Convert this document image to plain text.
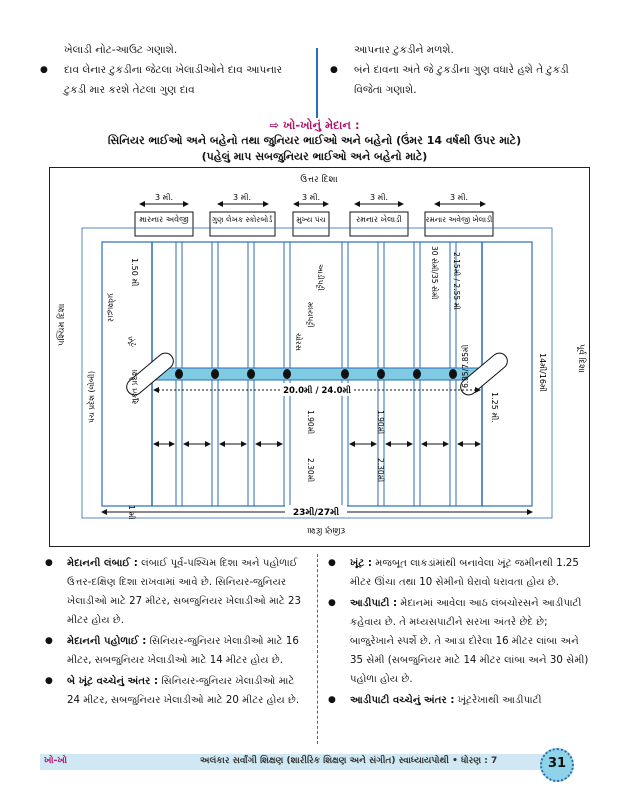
ખેલાડી નોટ-આઉટ ગણાશે.
● દાવ લેનાર ટુકડીના જેટલા ખેલાડીઓને દાવ આપનાર ટુકડી માર કરશે તેટલા ગુણ દાવ
આપનાર ટુકડીને મળશે.
● બંને દાવના અંતે જે ટુકડીના ગુણ વધારે હશે તે ટુકડી વિજેતા ગણાશે.
⇨ ખો-ખોનું મેદાન :
સિનિયર ભાઈઓ અને બહેનો તથા જુનિયર ભાઈઓ અને બહેનો (ઉંમર 14 વર્ષથી ઉપર માટે)
(પહેલું માપ સબજુનિયર ભાઈઓ અને બહેનો માટે)
ઉત્તર દિશા
મારનાર અવેજી	ગુણ લેખક સ્કોરબોર્ડ	મુખ્ય પંચ	રમનાર ખેલાડી	રમનાર અવેજી ખેલાડી
3 મી.	3 મી.	3 મી.	3 મી.	3 મી.
1.50 મી
પ્રવેશદ્વાર
ખૂંટ
1.25 મી.
ચોરસ
મધ્યપટ્ટી
આડીપટ્ટી	30 સેમી/35 સેમી 2.15મી / 2.55 મી
6.85/7.85મી
1.90મી
2.30મી
1.90મી
2.30મી
14મી/16મી	પૂર્વ દિશા
પશ્ચિમ દિશા
મુક્ત પ્રદેશ
પંચ પ્રદેશ (લોબી)
દક્ષિણ દિશા
1 મી
20.0મી / 24.0મી
23મી/27મી
● મેદાનની લંબાઈ : લંબાઈ પૂર્વ-પશ્ચિમ દિશા અને પહોળાઈ ઉત્તર-દક્ષિણ દિશા રાખવામાં આવે છે. સિનિયર-જુનિયર ખેલાડીઓ માટે 27 મીટર, સબજુનિયર ખેલાડીઓ માટે 23 મીટર હોય છે.
● મેદાનની પહોળાઈ : સિનિયર-જુનિયર ખેલાડીઓ માટે 16 મીટર, સબજુનિયર ખેલાડીઓ માટે 14 મીટર હોય છે.
● બે ખૂંટ વચ્ચેનું અંતર : સિનિયર-જુનિયર ખેલાડીઓ માટે 24 મીટર, સબજુનિયર ખેલાડીઓ માટે 20 મીટર હોય છે.
● ખૂંટ : મજબૂત લાકડાંમાંથી બનાવેલા ખૂંટ જમીનથી 1.25 મીટર ઊંચા તથા 10 સેમીનો ઘેરાવો ધરાવતા હોય છે.
● આડીપાટી : મેદાનમાં આવેલા આઠ લંબચોરસને આડીપાટી કહેવાય છે. તે મધ્યસપાટીને સરખા અંતરે છેદે છે; બાજુરેખાને સ્પર્શે છે. તે આડા દોરેલા 16 મીટર લાંબા અને 35 સેમી (સબજુનિયર માટે 14 મીટર લાંબા અને 30 સેમી) પહોળા હોય છે.
● આડીપાટી વચ્ચેનું અંતર : ખૂંટરેખાથી આડીપાટી
ખો-ખો	અલંકાર સર્વાંગી શિક્ષણ (શારીરિક શિક્ષણ અને સંગીત) સ્વાધ્યાયપોથી • ધોરણ : 7	31
